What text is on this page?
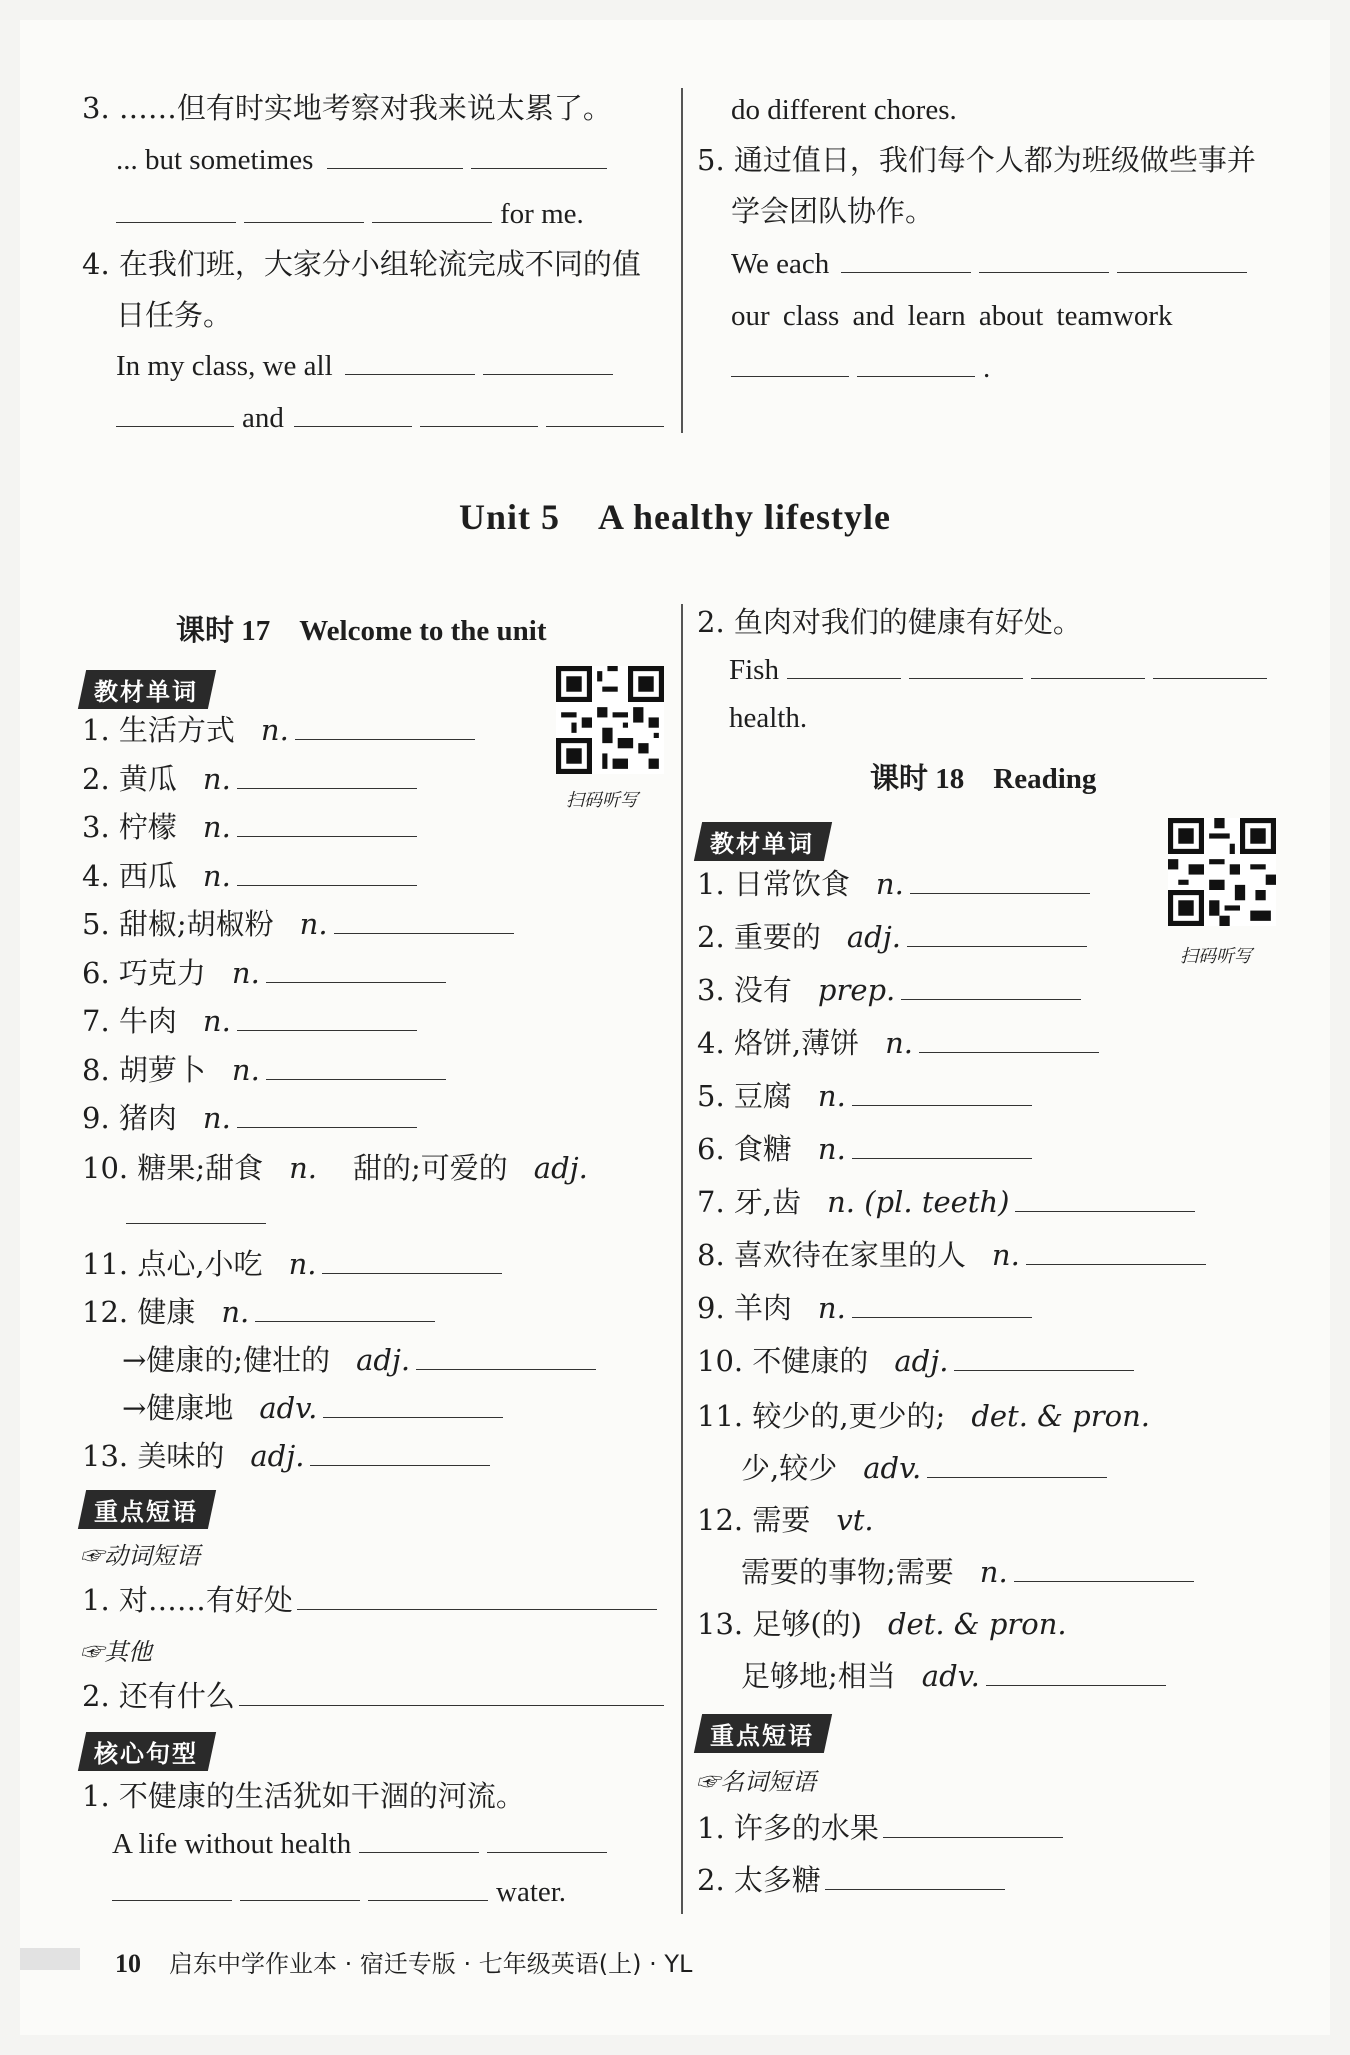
3. ……但有时实地考察对我来说太累了。
... but sometimes
for me.
4. 在我们班，大家分小组轮流完成不同的值
日任务。
In my class, we all
and
do different chores.
5. 通过值日，我们每个人都为班级做些事并
学会团队协作。
We each
our class and learn about teamwork
.
Unit 5    A healthy lifestyle
课时 17    Welcome to the unit
教材单词
扫码听写
1. 生活方式 n.
2. 黄瓜 n.
3. 柠檬 n.
4. 西瓜 n.
5. 甜椒;胡椒粉 n.
6. 巧克力 n.
7. 牛肉 n.
8. 胡萝卜 n.
9. 猪肉 n.
10. 糖果;甜食 n. 甜的;可爱的 adj.
11. 点心,小吃 n.
12. 健康 n.
→健康的;健壮的 adj.
→健康地 adv.
13. 美味的 adj.
重点短语
☞动词短语
1. 对……有好处
☞其他
2. 还有什么
核心句型
1. 不健康的生活犹如干涸的河流。
A life without health
water.
2. 鱼肉对我们的健康有好处。
Fish
health.
课时 18    Reading
教材单词
扫码听写
1. 日常饮食 n.
2. 重要的 adj.
3. 没有 prep.
4. 烙饼,薄饼 n.
5. 豆腐 n.
6. 食糖 n.
7. 牙,齿 n. (pl. teeth)
8. 喜欢待在家里的人 n.
9. 羊肉 n.
10. 不健康的 adj.
11. 较少的,更少的; det. & pron.
少,较少 adv.
12. 需要 vt.
需要的事物;需要 n.
13. 足够(的) det. & pron.
足够地;相当 adv.
重点短语
☞名词短语
1. 许多的水果
2. 太多糖
10 启东中学作业本 · 宿迁专版 · 七年级英语(上) · YL
